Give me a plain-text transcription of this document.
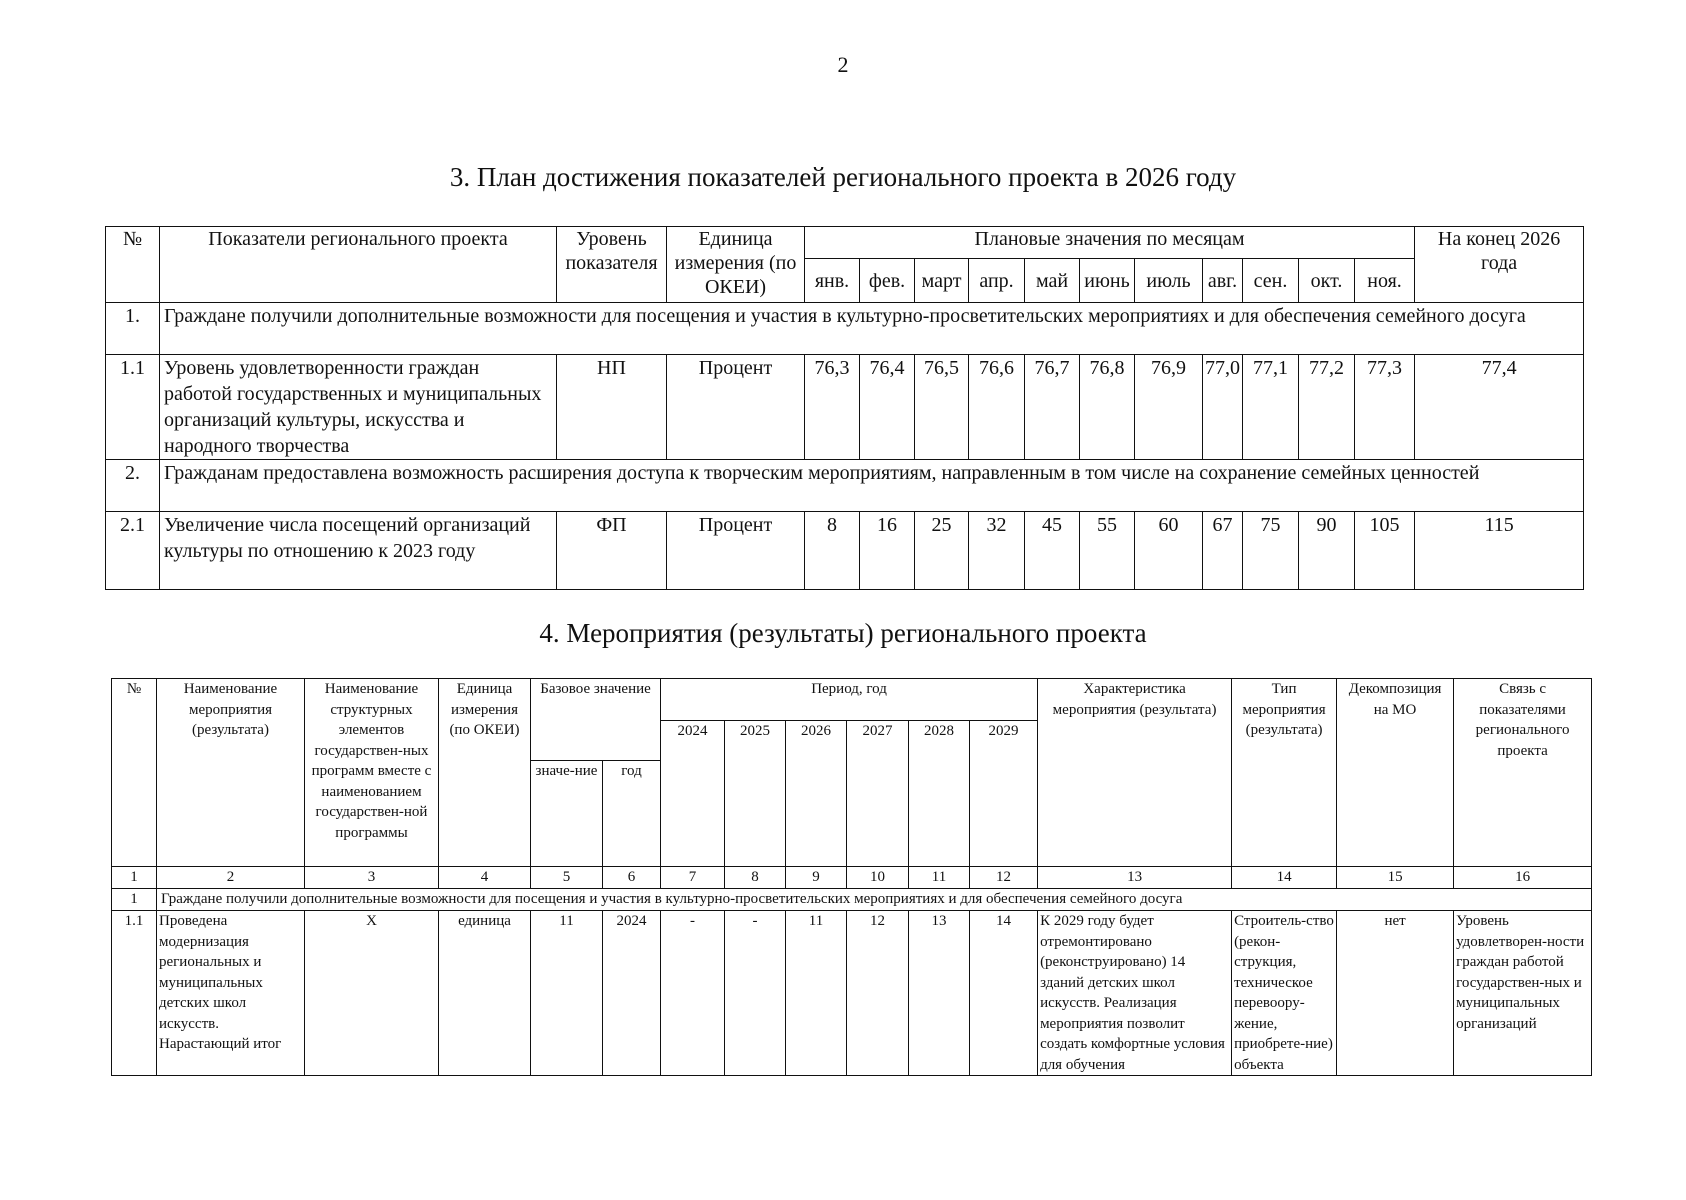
2
3. План достижения показателей регионального проекта в 2026 году
№	Показатели регионального проекта	Уровень показателя	Единица измерения (по ОКЕИ)	Плановые значения по месяцам											На конец 2026 года
				янв.	фев.	март	апр.	май	июнь	июль	авг.	сен.	окт.	ноя.	
1.	Граждане получили дополнительные возможности для посещения и участия в культурно-просветительских мероприятиях и для обеспечения семейного досуга														
1.1	Уровень удовлетворенности граждан работой государственных и муниципальных организаций культуры, искусства и народного творчества	НП	Процент	76,3	76,4	76,5	76,6	76,7	76,8	76,9	77,0	77,1	77,2	77,3	77,4
2.	Гражданам предоставлена возможность расширения доступа к творческим мероприятиям, направленным в том числе на сохранение семейных ценностей														
2.1	Увеличение числа посещений организаций культуры по отношению к 2023 году	ФП	Процент	8	16	25	32	45	55	60	67	75	90	105	115
4. Мероприятия (результаты) регионального проекта
№	Наименование мероприятия (результата)	Наименование структурных элементов государствен-ных программ вместе с наименованием государствен-ной программы	Единица измерения (по ОКЕИ)	Базовое значение		Период, год						Характеристика мероприятия (результата)	Тип мероприятия (результата)	Декомпозиция на МО	Связь с показателями регионального проекта
						2024	2025	2026	2027	2028	2029				
				значе-ние	год										
1	2	3	4	5	6	7	8	9	10	11	12	13	14	15	16
1	Граждане получили дополнительные возможности для посещения и участия в культурно-просветительских мероприятиях и для обеспечения семейного досуга														
1.1	Проведена модернизация региональных и муниципальных детских школ искусств. Нарастающий итог	Х	единица	11	2024	-	-	11	12	13	14	К 2029 году будет отремонтировано (реконструировано) 14 зданий детских школ искусств. Реализация мероприятия позволит создать комфортные условия для обучения	Строитель-ство (рекон-струкция, техническое перевоору-жение, приобрете-ние) объекта	нет	Уровень удовлетворен-ности граждан работой государствен-ных и муниципальных организаций
